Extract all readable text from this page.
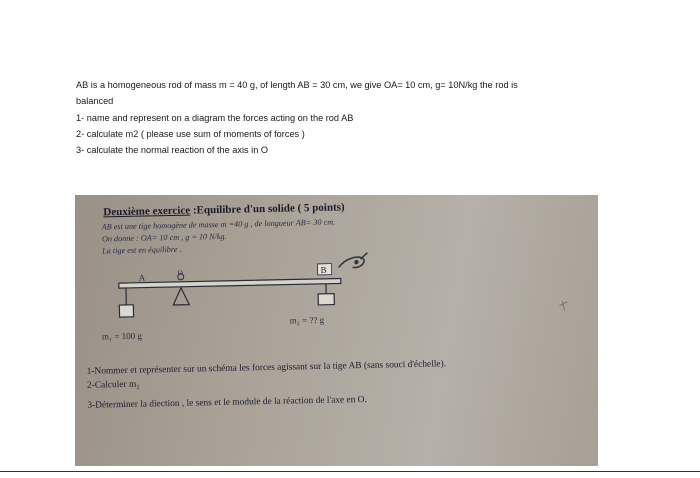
AB is a homogeneous rod of mass m = 40 g, of length AB = 30 cm, we give OA= 10 cm, g= 10N/kg the rod is

balanced

1- name and represent on a diagram the forces acting on the rod AB

2- calculate m2 ( please use sum of moments of forces )

3- calculate the normal reaction of the axis in O

Deuxième exercice :Equilibre d'un solide ( 5 points)
AB est une tige homogène de masse m =40 g , de longueur AB= 30 cm.
On donne : OA= 10 cm , g = 10 N/kg.
La tige est en équilibre .
A	O	B
m₁ = 100 g
m₂ = ?? g
1-Nommer et représenter sur un schéma les forces agissant sur la tige AB (sans souci d'échelle).
2-Calculer m₂
3-Déterminer la diection , le sens et le module de la réaction de l'axe en O.
